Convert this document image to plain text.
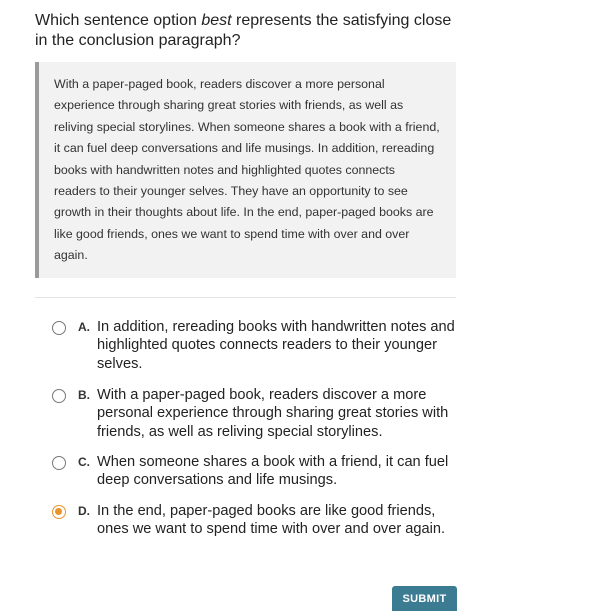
Which sentence option best represents the satisfying close in the conclusion paragraph?

With a paper-paged book, readers discover a more personal experience through sharing great stories with friends, as well as reliving special storylines. When someone shares a book with a friend, it can fuel deep conversations and life musings. In addition, rereading books with handwritten notes and highlighted quotes connects readers to their younger selves. They have an opportunity to see growth in their thoughts about life. In the end, paper-paged books are like good friends, ones we want to spend time with over and over again.
A. In addition, rereading books with handwritten notes and highlighted quotes connects readers to their younger selves.
B. With a paper-paged book, readers discover a more personal experience through sharing great stories with friends, as well as reliving special storylines.
C. When someone shares a book with a friend, it can fuel deep conversations and life musings.
D. In the end, paper-paged books are like good friends, ones we want to spend time with over and over again.
SUBMIT
